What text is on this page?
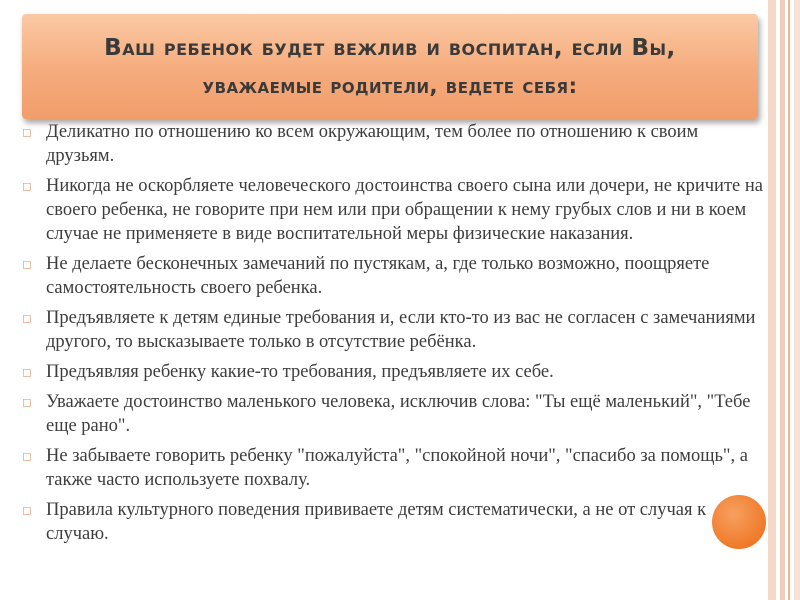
Ваш ребенок будет вежлив и воспитан, если Вы,
уважаемые родители, ведете себя:
◻ Деликатно по отношению ко всем окружающим, тем более по отношению к своим друзьям.
◻ Никогда не оскорбляете человеческого достоинства своего сына или дочери, не кричите на своего ребенка, не говорите при нем или при обращении к нему грубых слов и ни в коем случае не применяете в виде воспитательной меры физические наказания.
◻ Не делаете бесконечных замечаний по пустякам, а, где только возможно, поощряете самостоятельность своего ребенка.
◻ Предъявляете к детям единые требования и, если кто-то из вас не согласен с замечаниями другого, то высказываете только в отсутствие ребёнка.
◻ Предъявляя ребенку какие-то требования, предъявляете их себе.
◻ Уважаете достоинство маленького человека, исключив слова: "Ты ещё маленький", "Тебе еще рано".
◻ Не забываете говорить ребенку "пожалуйста", "спокойной ночи", "спасибо за помощь", а также часто используете похвалу.
◻ Правила культурного поведения прививаете детям систематически, а не от случая к случаю.
